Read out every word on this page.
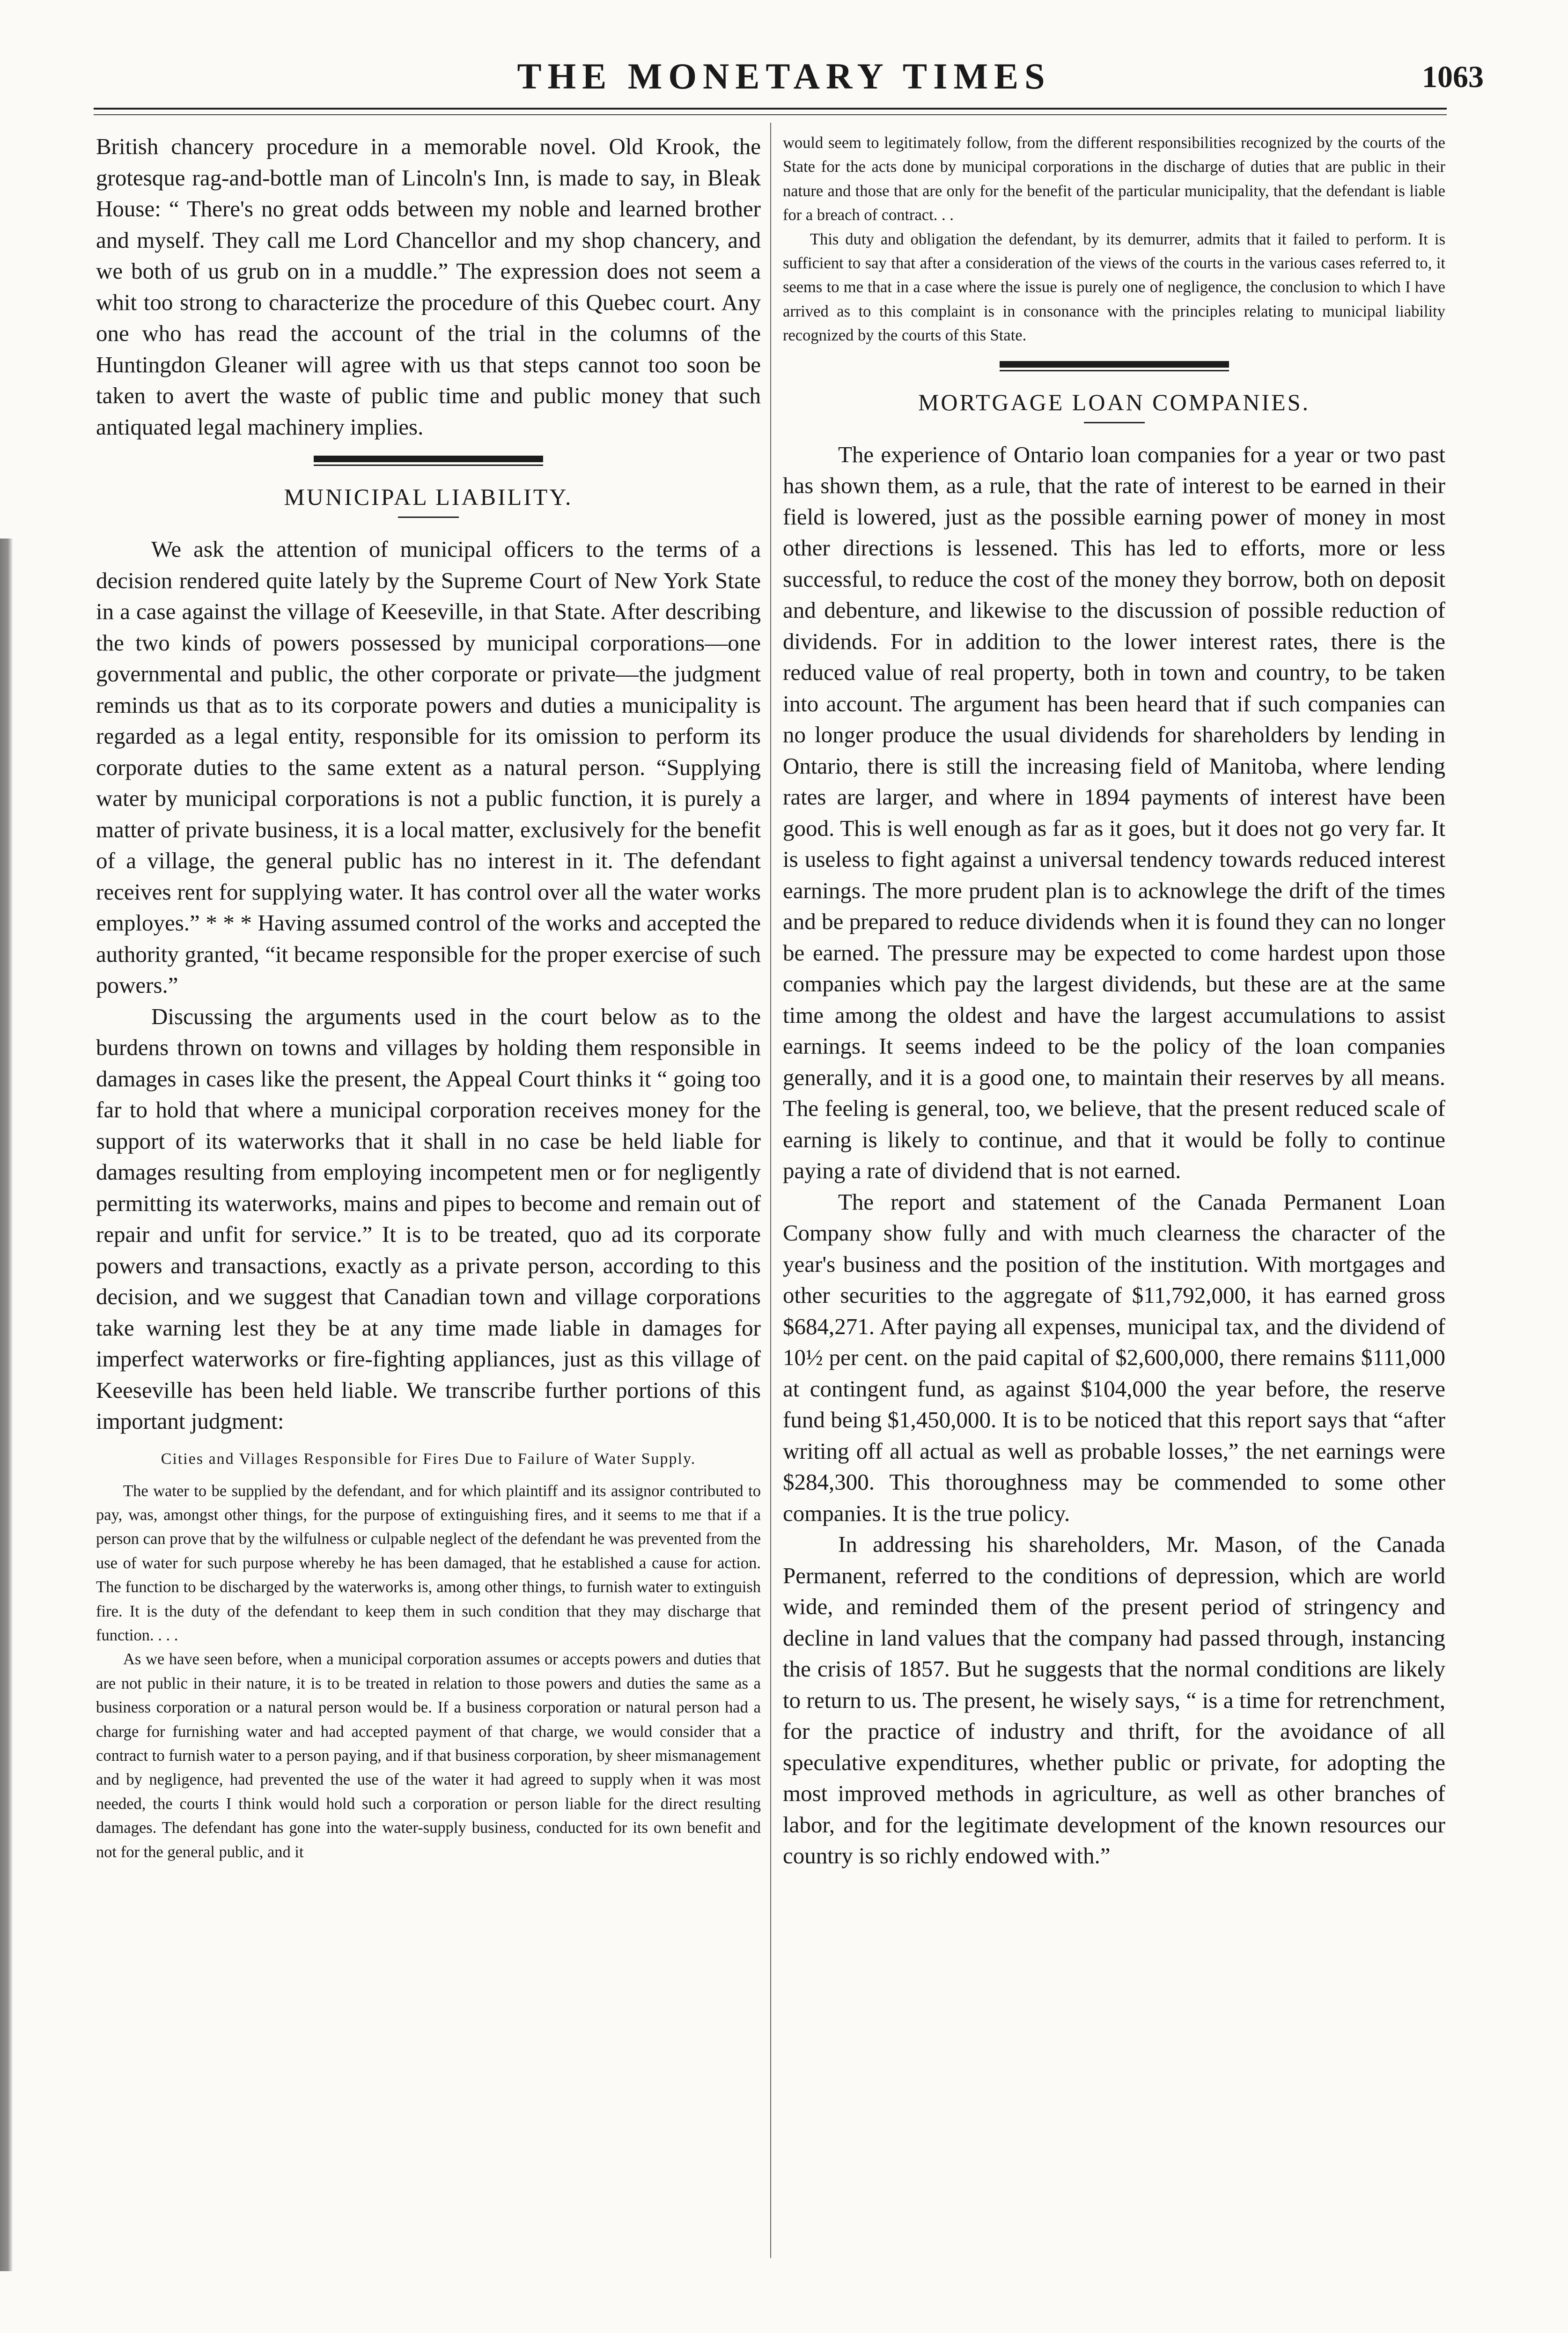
THE MONETARY TIMES	1063

British chancery procedure in a memorable novel. Old Krook, the grotesque rag-and-bottle man of Lincoln's Inn, is made to say, in Bleak House: “ There's no great odds between my noble and learned brother and myself. They call me Lord Chancellor and my shop chancery, and we both of us grub on in a muddle.” The expression does not seem a whit too strong to characterize the procedure of this Quebec court. Any one who has read the account of the trial in the columns of the Huntingdon Gleaner will agree with us that steps cannot too soon be taken to avert the waste of public time and public money that such antiquated legal machinery implies.

MUNICIPAL LIABILITY.

We ask the attention of municipal officers to the terms of a decision rendered quite lately by the Supreme Court of New York State in a case against the village of Keeseville, in that State. After describing the two kinds of powers possessed by municipal corporations—one governmental and public, the other corporate or private—the judgment reminds us that as to its corporate powers and duties a municipality is regarded as a legal entity, responsible for its omission to perform its corporate duties to the same extent as a natural person. “Supplying water by municipal corporations is not a public function, it is purely a matter of private business, it is a local matter, exclusively for the benefit of a village, the general public has no interest in it. The defendant receives rent for supplying water. It has control over all the water works employes.” * * * Having assumed control of the works and accepted the authority granted, “it became responsible for the proper exercise of such powers.”

Discussing the arguments used in the court below as to the burdens thrown on towns and villages by holding them responsible in damages in cases like the present, the Appeal Court thinks it “ going too far to hold that where a municipal corporation receives money for the support of its waterworks that it shall in no case be held liable for damages resulting from employing incompetent men or for negligently permitting its waterworks, mains and pipes to become and remain out of repair and unfit for service.” It is to be treated, quo ad its corporate powers and transactions, exactly as a private person, according to this decision, and we suggest that Canadian town and village corporations take warning lest they be at any time made liable in damages for imperfect waterworks or fire-fighting appliances, just as this village of Keeseville has been held liable. We transcribe further portions of this important judgment:

Cities and Villages Responsible for Fires Due to Failure of Water Supply.

The water to be supplied by the defendant, and for which plaintiff and its assignor contributed to pay, was, amongst other things, for the purpose of extinguishing fires, and it seems to me that if a person can prove that by the wilfulness or culpable neglect of the defendant he was prevented from the use of water for such purpose whereby he has been damaged, that he established a cause for action. The function to be discharged by the waterworks is, among other things, to furnish water to extinguish fire. It is the duty of the defendant to keep them in such condition that they may discharge that function. . . .

As we have seen before, when a municipal corporation assumes or accepts powers and duties that are not public in their nature, it is to be treated in relation to those powers and duties the same as a business corporation or a natural person would be. If a business corporation or natural person had a charge for furnishing water and had accepted payment of that charge, we would consider that a contract to furnish water to a person paying, and if that business corporation, by sheer mismanagement and by negligence, had prevented the use of the water it had agreed to supply when it was most needed, the courts I think would hold such a corporation or person liable for the direct resulting damages. The defendant has gone into the water-supply business, conducted for its own benefit and not for the general public, and it

would seem to legitimately follow, from the different responsibilities recognized by the courts of the State for the acts done by municipal corporations in the discharge of duties that are public in their nature and those that are only for the benefit of the particular municipality, that the defendant is liable for a breach of contract. . .

This duty and obligation the defendant, by its demurrer, admits that it failed to perform. It is sufficient to say that after a consideration of the views of the courts in the various cases referred to, it seems to me that in a case where the issue is purely one of negligence, the conclusion to which I have arrived as to this complaint is in consonance with the principles relating to municipal liability recognized by the courts of this State.

MORTGAGE LOAN COMPANIES.

The experience of Ontario loan companies for a year or two past has shown them, as a rule, that the rate of interest to be earned in their field is lowered, just as the possible earning power of money in most other directions is lessened. This has led to efforts, more or less successful, to reduce the cost of the money they borrow, both on deposit and debenture, and likewise to the discussion of possible reduction of dividends. For in addition to the lower interest rates, there is the reduced value of real property, both in town and country, to be taken into account. The argument has been heard that if such companies can no longer produce the usual dividends for shareholders by lending in Ontario, there is still the increasing field of Manitoba, where lending rates are larger, and where in 1894 payments of interest have been good. This is well enough as far as it goes, but it does not go very far. It is useless to fight against a universal tendency towards reduced interest earnings. The more prudent plan is to acknowlege the drift of the times and be prepared to reduce dividends when it is found they can no longer be earned. The pressure may be expected to come hardest upon those companies which pay the largest dividends, but these are at the same time among the oldest and have the largest accumulations to assist earnings. It seems indeed to be the policy of the loan companies generally, and it is a good one, to maintain their reserves by all means. The feeling is general, too, we believe, that the present reduced scale of earning is likely to continue, and that it would be folly to continue paying a rate of dividend that is not earned.

The report and statement of the Canada Permanent Loan Company show fully and with much clearness the character of the year's business and the position of the institution. With mortgages and other securities to the aggregate of $11,792,000, it has earned gross $684,271. After paying all expenses, municipal tax, and the dividend of 10½ per cent. on the paid capital of $2,600,000, there remains $111,000 at contingent fund, as against $104,000 the year before, the reserve fund being $1,450,000. It is to be noticed that this report says that “after writing off all actual as well as probable losses,” the net earnings were $284,300. This thoroughness may be commended to some other companies. It is the true policy.

In addressing his shareholders, Mr. Mason, of the Canada Permanent, referred to the conditions of depression, which are world wide, and reminded them of the present period of stringency and decline in land values that the company had passed through, instancing the crisis of 1857. But he suggests that the normal conditions are likely to return to us. The present, he wisely says, “ is a time for retrenchment, for the practice of industry and thrift, for the avoidance of all speculative expenditures, whether public or private, for adopting the most improved methods in agriculture, as well as other branches of labor, and for the legitimate development of the known resources our country is so richly endowed with.”
